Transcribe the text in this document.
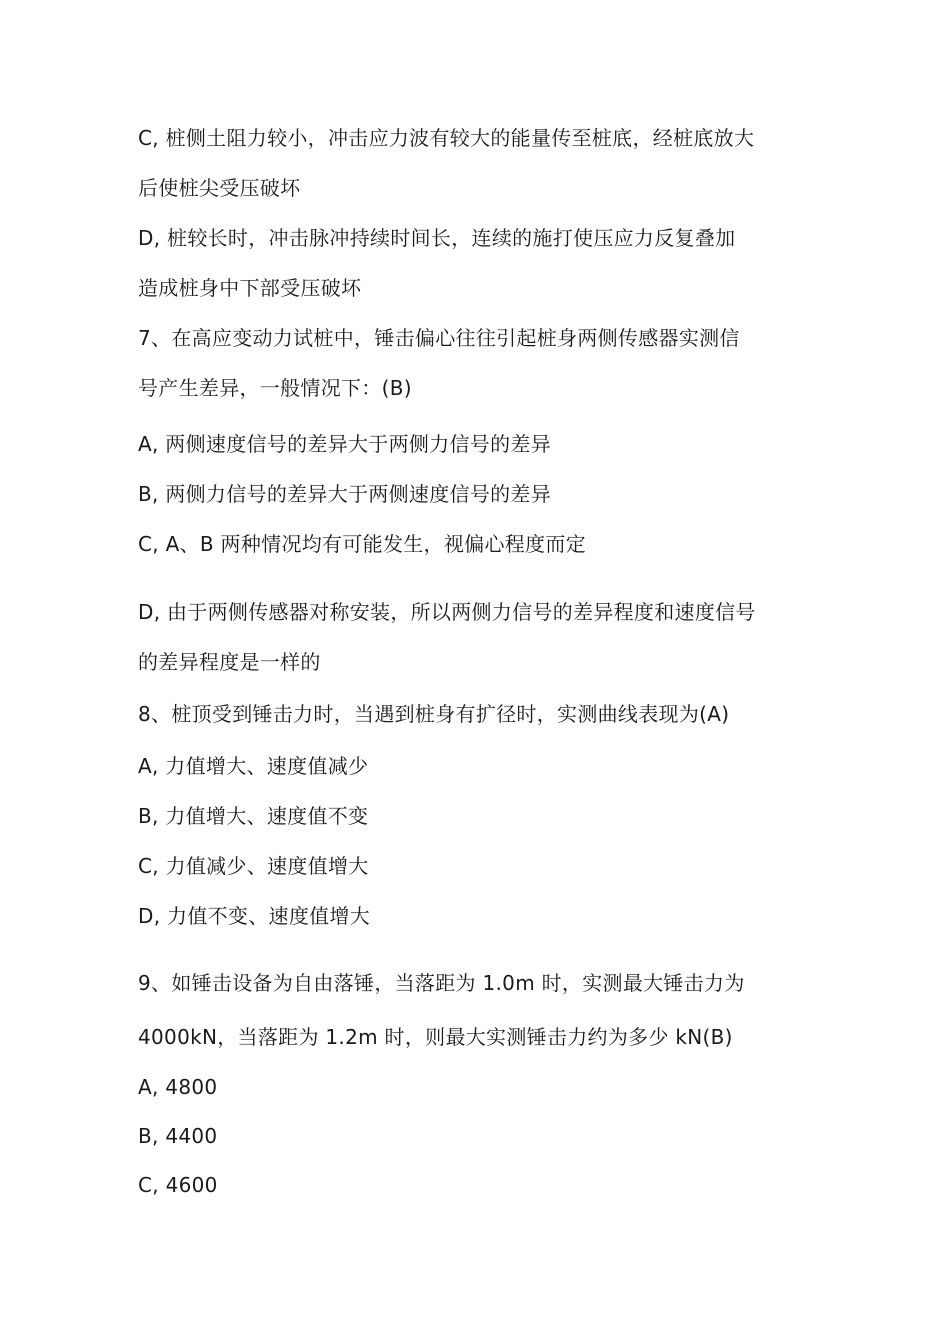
C, 桩侧土阻力较小，冲击应力波有较大的能量传至桩底，经桩底放大
后使桩尖受压破坏
D, 桩较长时，冲击脉冲持续时间长，连续的施打使压应力反复叠加
造成桩身中下部受压破坏
7、在高应变动力试桩中，锤击偏心往往引起桩身两侧传感器实测信
号产生差异，一般情况下：(B)
A, 两侧速度信号的差异大于两侧力信号的差异
B, 两侧力信号的差异大于两侧速度信号的差异
C, A、B 两种情况均有可能发生，视偏心程度而定
D, 由于两侧传感器对称安装，所以两侧力信号的差异程度和速度信号
的差异程度是一样的
8、桩顶受到锤击力时，当遇到桩身有扩径时，实测曲线表现为(A)
A, 力值增大、速度值减少
B, 力值增大、速度值不变
C, 力值减少、速度值增大
D, 力值不变、速度值增大
9、如锤击设备为自由落锤，当落距为 1.0m 时，实测最大锤击力为
4000kN，当落距为 1.2m 时，则最大实测锤击力约为多少 kN(B)
A, 4800
B, 4400
C, 4600
